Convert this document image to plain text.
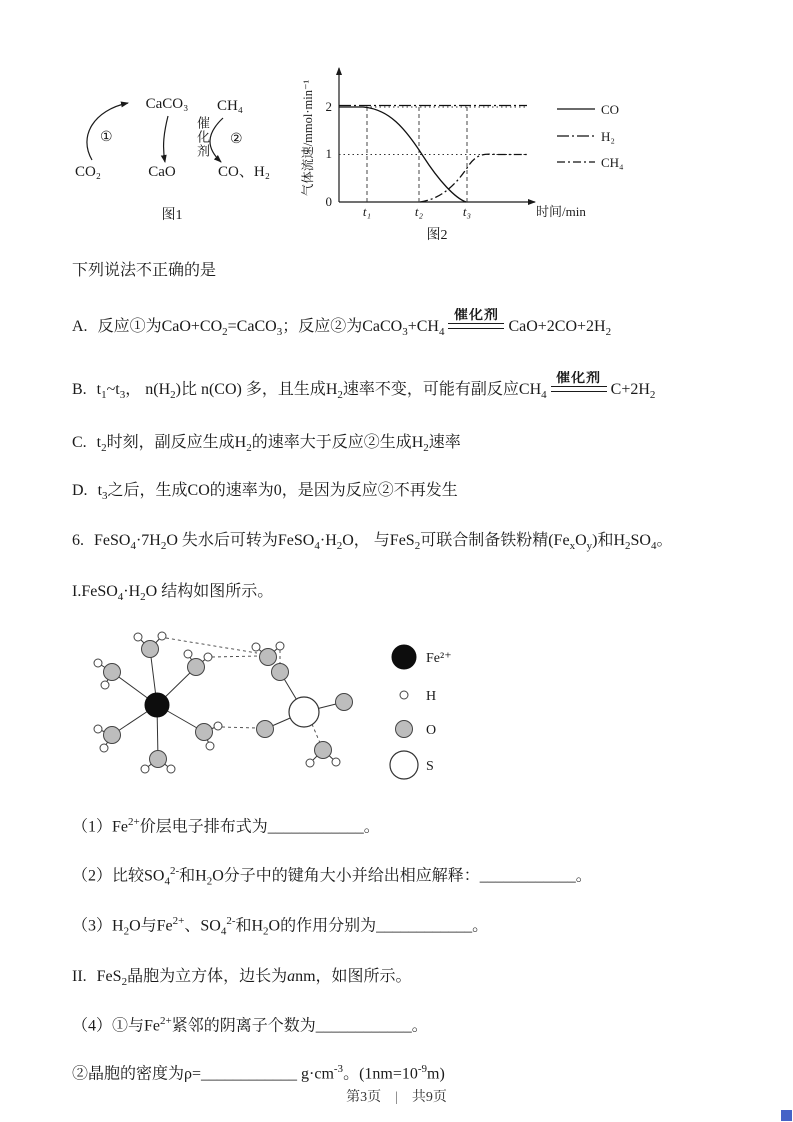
CaCO₃
CaO
CO₂
CH₄
CO、H₂
①	②
图1
催化剂
2
1
0
t₁	t₂	t₃	时间/min
气体流速/mmol·min⁻¹	CO
H₂
CH₄
图2

下列说法不正确的是

A. 反应①为$CaO+CO_2=CaCO_3$；反应②为$CaCO_3+CH_4$
催化剂
$CaO+2CO+2H_2$

B. $t_1\sim t_3$， $n(H_2)$比 n(CO) 多，且生成$H_2$速率不变，可能有副反应$CH_4$
催化剂
$C+2H_2$

C. $t_2$时刻，副反应生成$H_2$的速率大于反应②生成$H_2$速率

D. $t_3$之后，生成CO的速率为0，是因为反应②不再发生

6. $FeSO_4\cdot 7H_2O$ 失水后可转为$FeSO_4\cdot H_2O$， 与FeS$_2$可联合制备铁粉精$(Fe_xO_y)$和$H_2SO_4$。

$I.FeSO_4\cdot H_2O$ 结构如图所示。

Fe²⁺
H
O
S

$(1)Fe^{2+}$价层电子排布式为____________。

（2）比较$SO_4^{2-}$和$H_2O$分子中的键角大小并给出相应解释：____________。

$(3)H_2O$与$Fe^{2+}$、$SO_4^{2-}$和$H_2O$的作用分别为____________。

II. FeS$_2$晶胞为立方体，边长为anm，如图所示。

（4）①与$Fe^{2+}$紧邻的阴离子个数为____________。

②晶胞的密度为ρ=____________ $g\cdot cm^{-3}$。$(1nm=10^{-9}m)$

第3页 | 共9页
